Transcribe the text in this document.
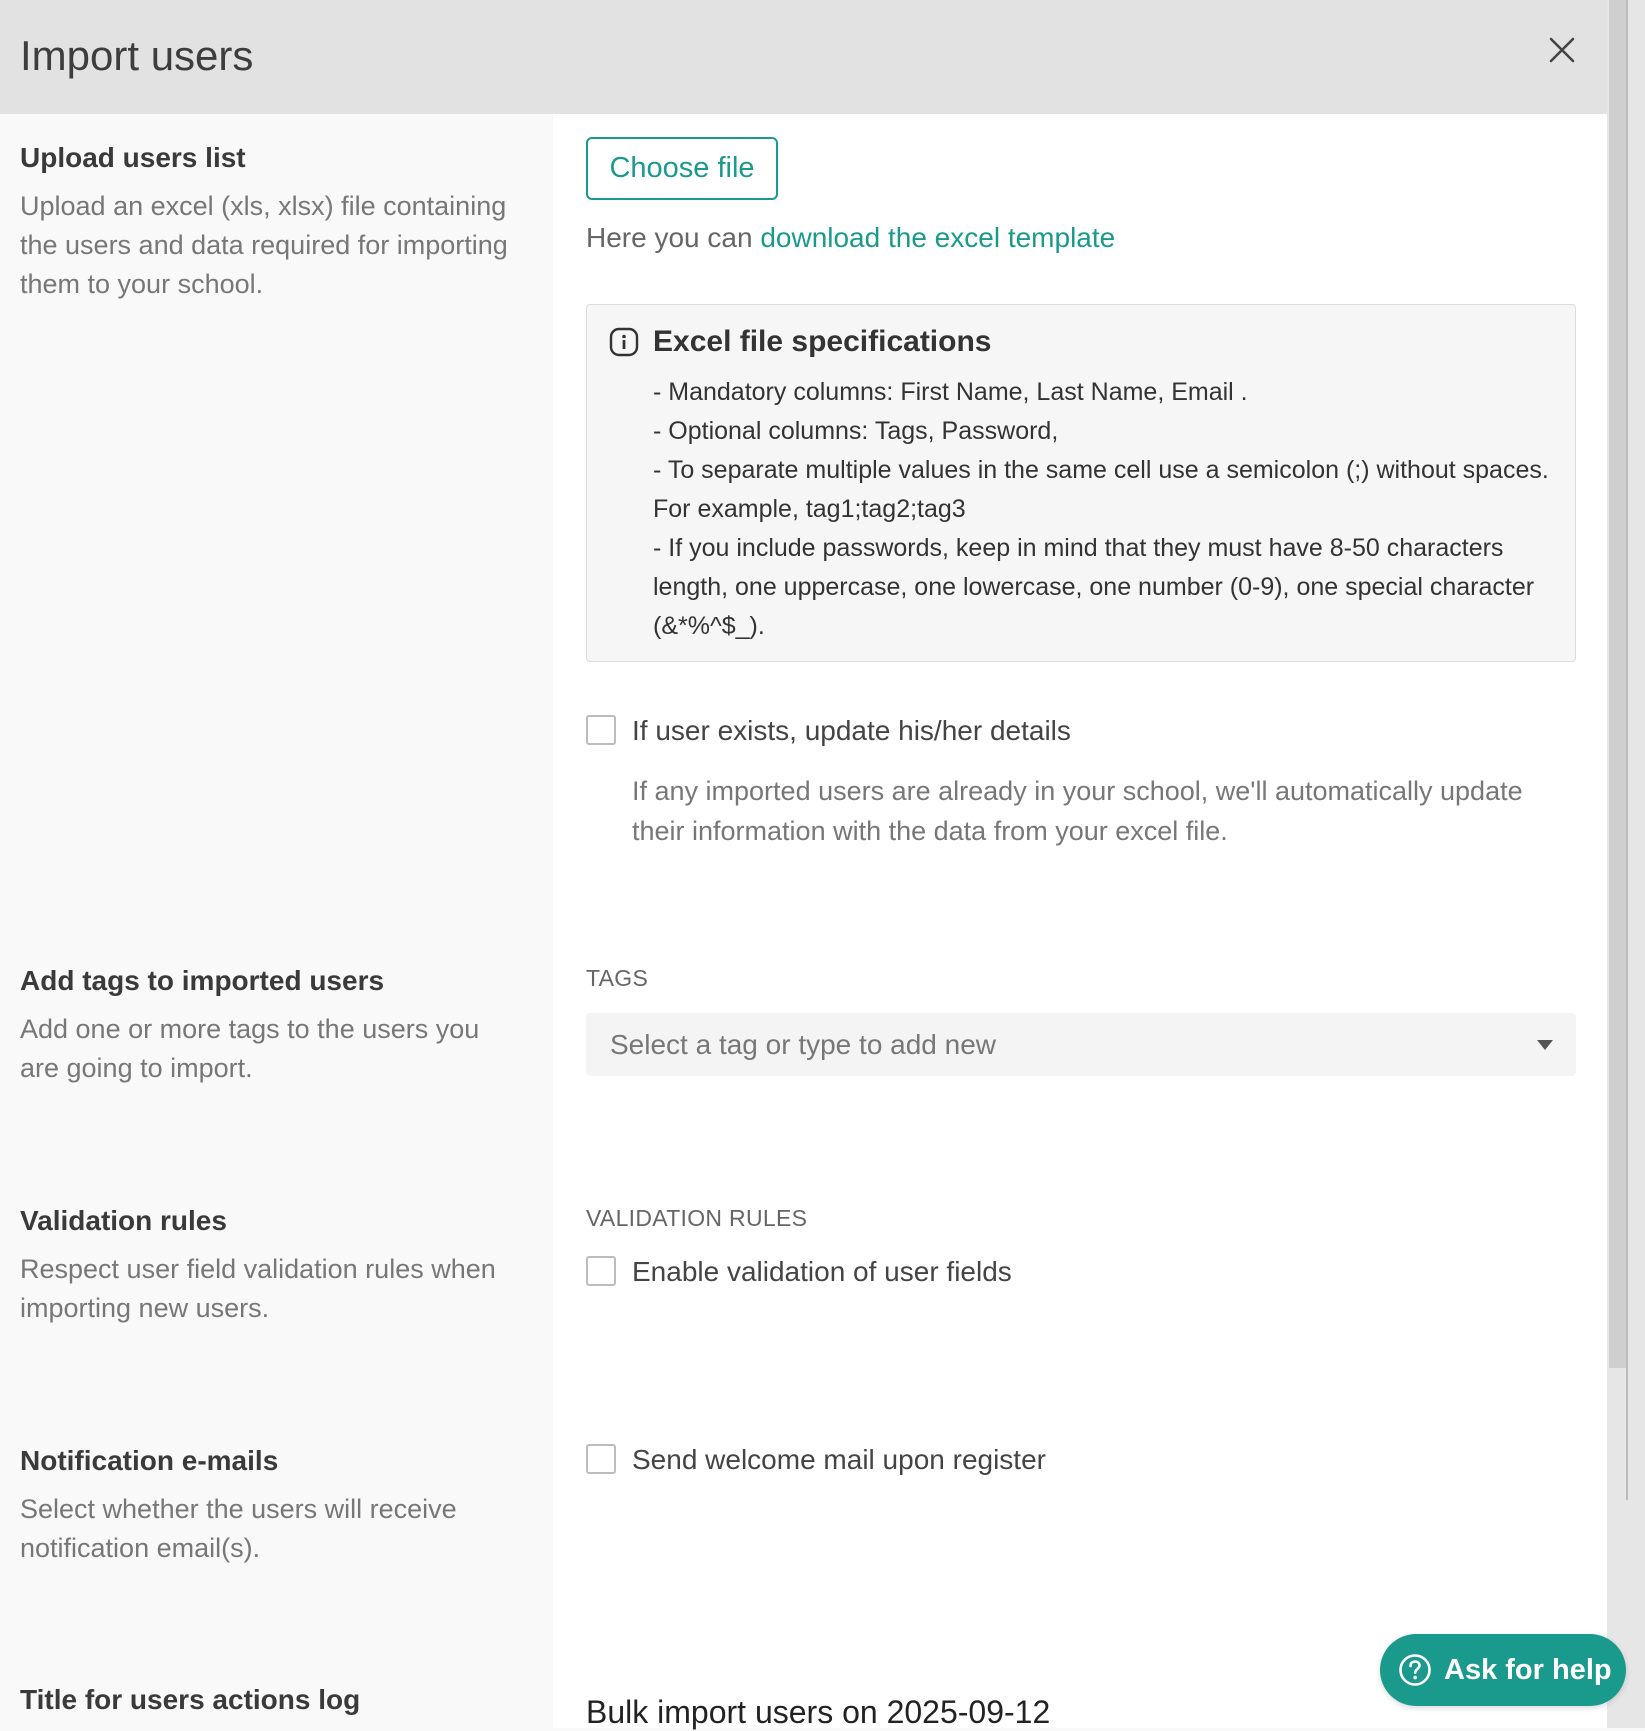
Import users
Upload users list

Upload an excel (xls, xlsx) file containing the users and data required for importing them to your school.

Choose file
Here you can download the excel template
Excel file specifications
- Mandatory columns: First Name, Last Name, Email .
- Optional columns: Tags, Password,
- To separate multiple values in the same cell use a semicolon (;) without spaces. For example, tag1;tag2;tag3
- If you include passwords, keep in mind that they must have 8-50 characters length, one uppercase, one lowercase, one number (0-9), one special character (&*%^$_).
If user exists, update his/her details

If any imported users are already in your school, we'll automatically update their information with the data from your excel file.

Add tags to imported users

Add one or more tags to the users you are going to import.

TAGS
Select a tag or type to add new
Validation rules

Respect user field validation rules when importing new users.

VALIDATION RULES
Enable validation of user fields
Notification e-mails

Select whether the users will receive notification email(s).

Send welcome mail upon register
Title for users actions log	Bulk import users on 2025-09-12
Ask for help
